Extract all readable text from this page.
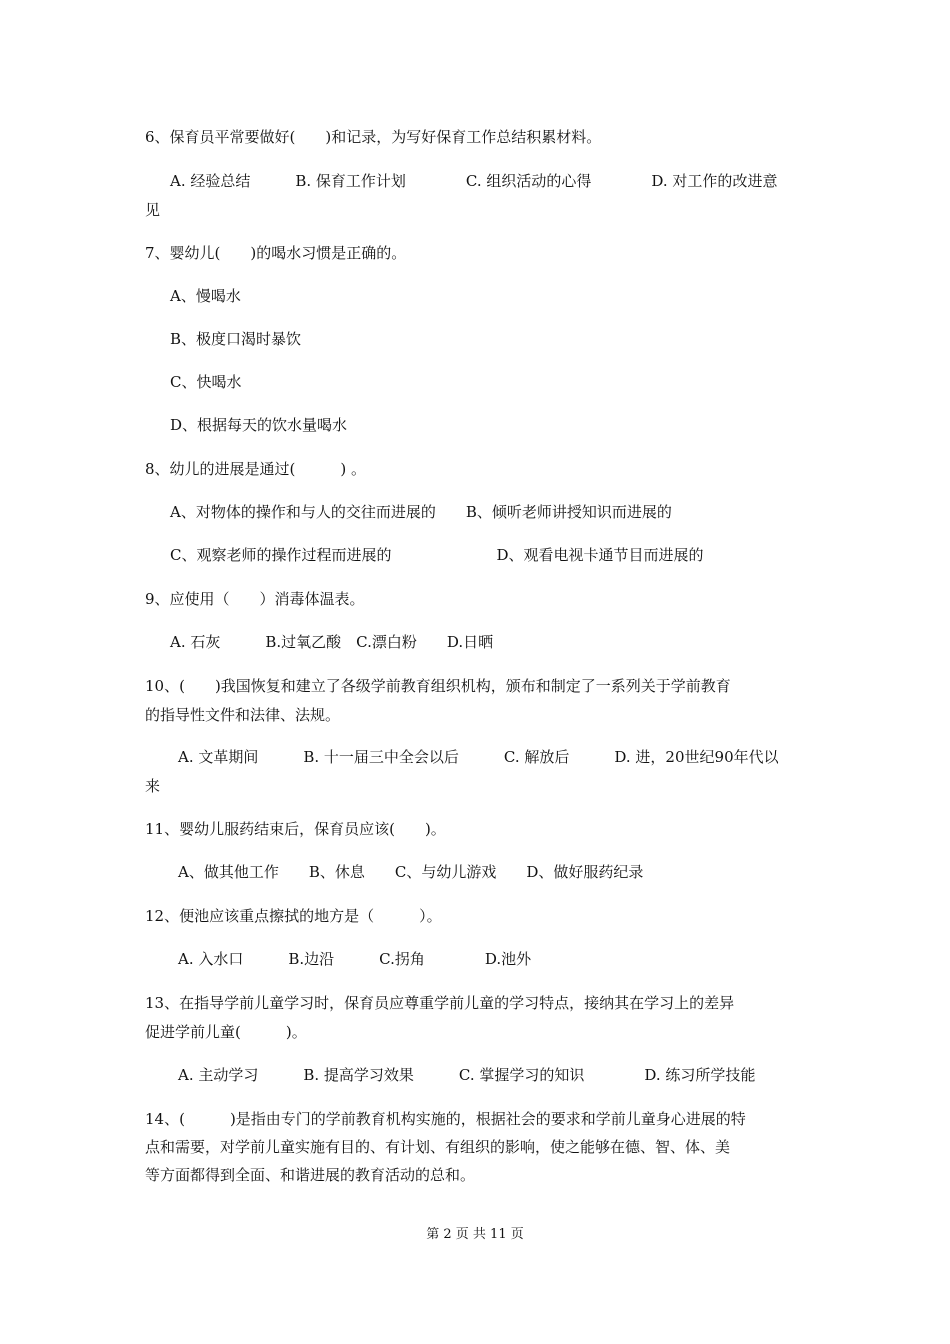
6、保育员平常要做好(　　)和记录，为写好保育工作总结积累材料。
A. 经验总结　　　B. 保育工作计划　　　　C. 组织活动的心得　　　　D. 对工作的改进意
见
7、婴幼儿(　　)的喝水习惯是正确的。
A、慢喝水
B、极度口渴时暴饮
C、快喝水
D、根据每天的饮水量喝水
8、幼儿的进展是通过(　　　) 。
A、对物体的操作和与人的交往而进展的　　B、倾听老师讲授知识而进展的
C、观察老师的操作过程而进展的　　　　　　　D、观看电视卡通节目而进展的
9、应使用（　　）消毒体温表。
A. 石灰　　　B.过氧乙酸　C.漂白粉　　D.日晒
10、(　　)我国恢复和建立了各级学前教育组织机构，颁布和制定了一系列关于学前教育
的指导性文件和法律、法规。
A. 文革期间　　　B. 十一届三中全会以后　　　C. 解放后　　　D. 进，20世纪90年代以
来
11、婴幼儿服药结束后，保育员应该(　　)。
A、做其他工作　　B、休息　　C、与幼儿游戏　　D、做好服药纪录
12、便池应该重点擦拭的地方是（　　　）。
A. 入水口　　　B.边沿　　　C.拐角　　　　D.池外
13、在指导学前儿童学习时，保育员应尊重学前儿童的学习特点，接纳其在学习上的差异
促进学前儿童(　　　)。
A. 主动学习　　　B. 提高学习效果　　　C. 掌握学习的知识　　　　D. 练习所学技能
14、(　　　)是指由专门的学前教育机构实施的，根据社会的要求和学前儿童身心进展的特
点和需要，对学前儿童实施有目的、有计划、有组织的影响，使之能够在德、智、体、美
等方面都得到全面、和谐进展的教育活动的总和。
第 2 页 共 11 页
